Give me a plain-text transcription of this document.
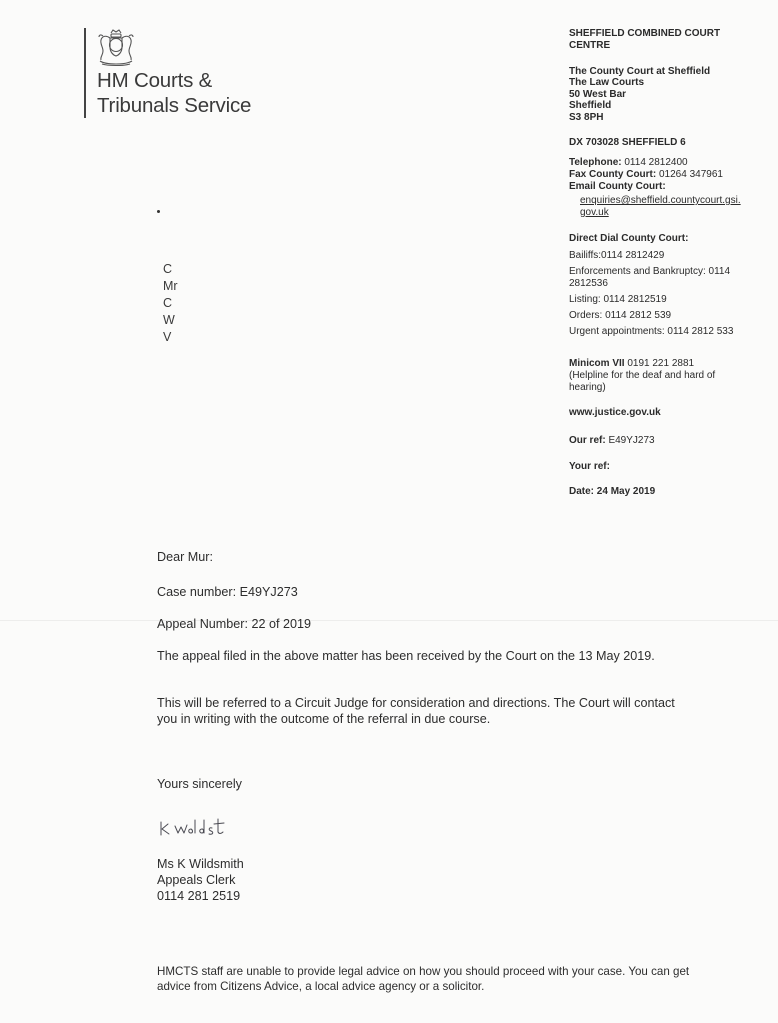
HM Courts &
Tribunals Service
SHEFFIELD COMBINED COURT
CENTRE
The County Court at Sheffield
The Law Courts
50 West Bar
Sheffield
S3 8PH
DX 703028 SHEFFIELD 6
Telephone: 0114 2812400
Fax County Court: 01264 347961
Email County Court:
enquiries@sheffield.countycourt.gsi.
gov.uk
Direct Dial County Court:
Bailiffs:0114 2812429
Enforcements and Bankruptcy: 0114
2812536
Listing: 0114 2812519
Orders: 0114 2812 539
Urgent appointments: 0114 2812 533
Minicom VII 0191 221 2881
(Helpline for the deaf and hard of
hearing)
www.justice.gov.uk
Our ref: E49YJ273
Your ref:
Date: 24 May 2019
C
Mr
C
W
V
Dear Mur:
Case number: E49YJ273
Appeal Number: 22 of 2019
The appeal filed in the above matter has been received by the Court on the 13 May 2019.
This will be referred to a Circuit Judge for consideration and directions. The Court will contact you in writing with the outcome of the referral in due course.
Yours sincerely
Ms K Wildsmith
Appeals Clerk
0114 281 2519
HMCTS staff are unable to provide legal advice on how you should proceed with your case. You can get advice from Citizens Advice, a local advice agency or a solicitor.
